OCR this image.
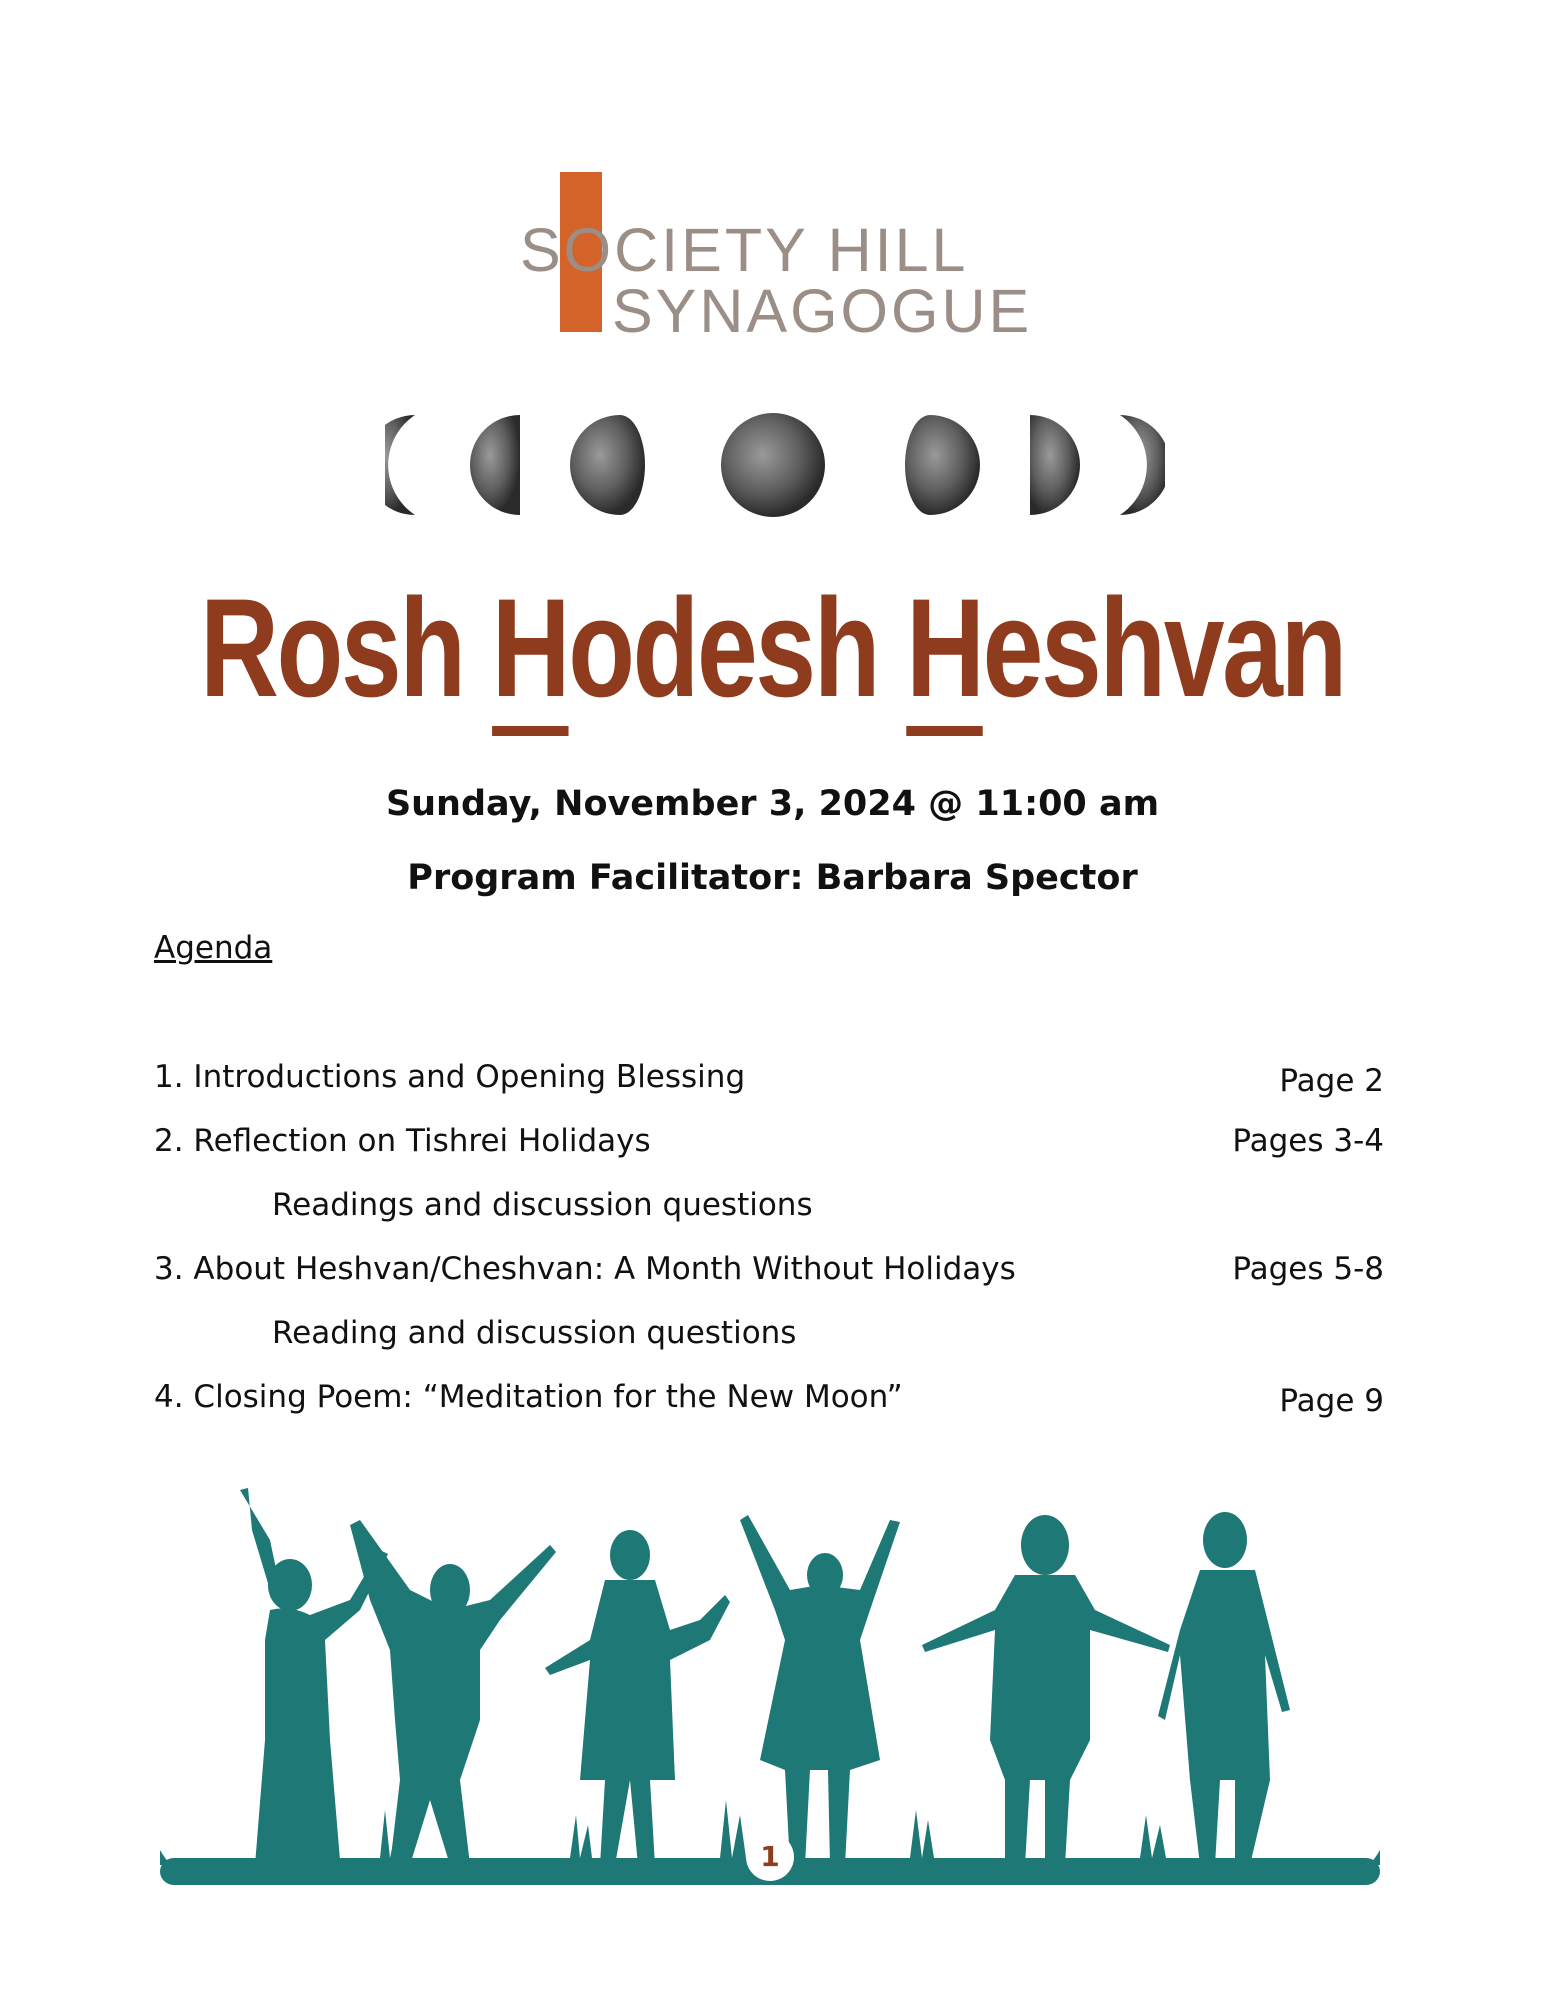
SOCIETY HILL
SYNAGOGUE
Rosh Hodesh Heshvan
Sunday, November 3, 2024 @ 11:00 am
Program Facilitator: Barbara Spector
Agenda
1. Introductions and Opening Blessing	Page 2
2. Reflection on Tishrei Holidays	Pages 3-4
Readings and discussion questions
3. About Heshvan/Cheshvan: A Month Without Holidays	Pages 5-8
Reading and discussion questions
4. Closing Poem: “Meditation for the New Moon”	Page 9
1
